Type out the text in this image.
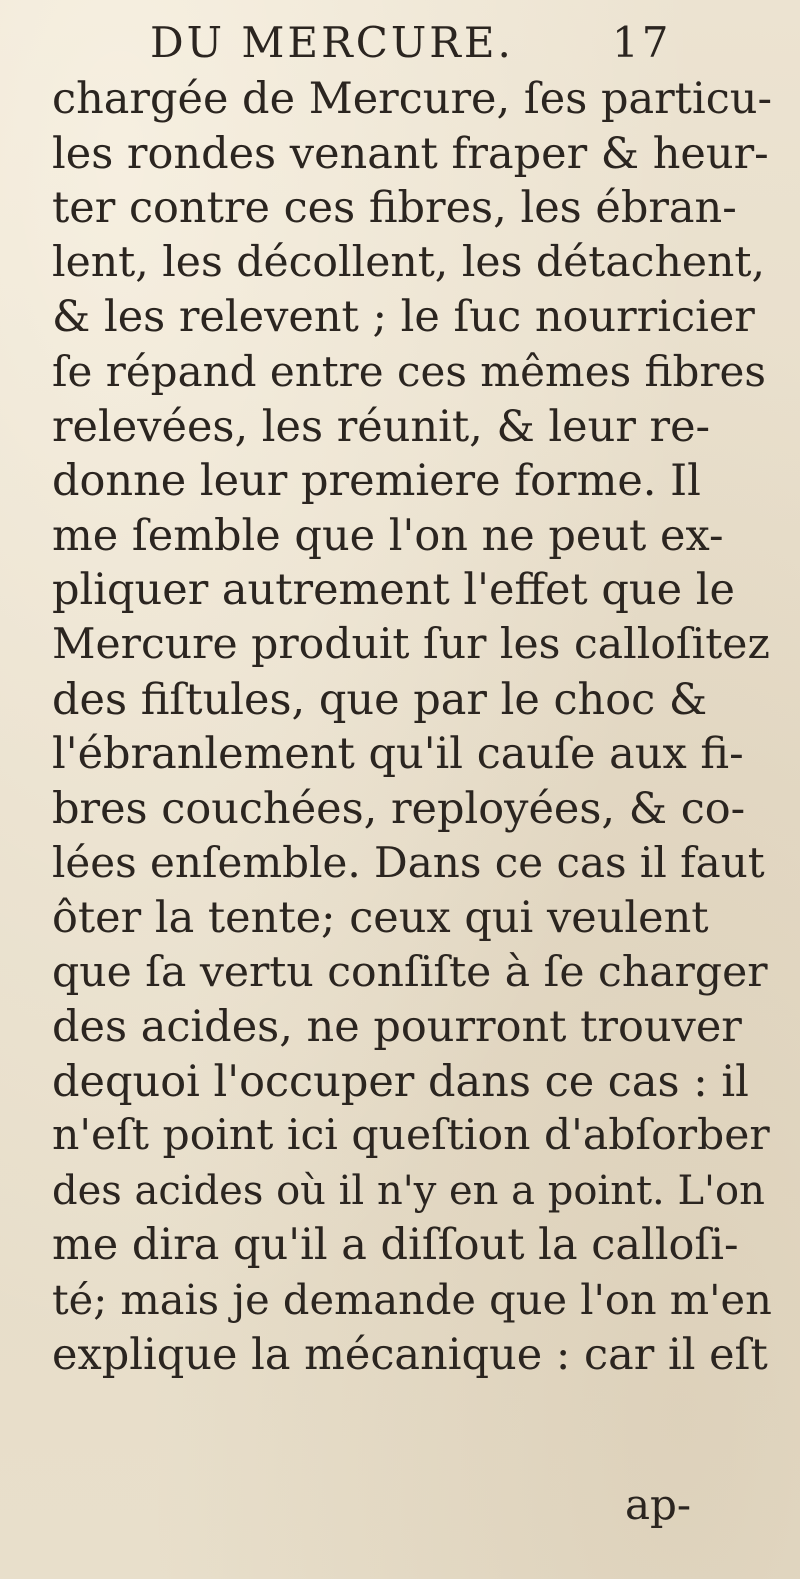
DU MERCURE. 17
chargée de Mercure, ſes particu-
les rondes venant fraper & heur-
ter contre ces fibres, les ébran-
lent, les décollent, les détachent,
& les relevent ; le ſuc nourricier
ſe répand entre ces mêmes fibres
relevées, les réunit, & leur re-
donne leur premiere forme. Il
me ſemble que l'on ne peut ex-
pliquer autrement l'effet que le
Mercure produit ſur les calloſitez
des fiſtules, que par le choc &
l'ébranlement qu'il cauſe aux fi-
bres couchées, reployées, & co-
lées enſemble. Dans ce cas il faut
ôter la tente; ceux qui veulent
que ſa vertu conſiſte à ſe charger
des acides, ne pourront trouver
dequoi l'occuper dans ce cas : il
n'eſt point ici queſtion d'abſorber
des acides où il n'y en a point. L'on
me dira qu'il a diſſout la calloſi-
té; mais je demande que l'on m'en
explique la mécanique : car il eſt
ap-
